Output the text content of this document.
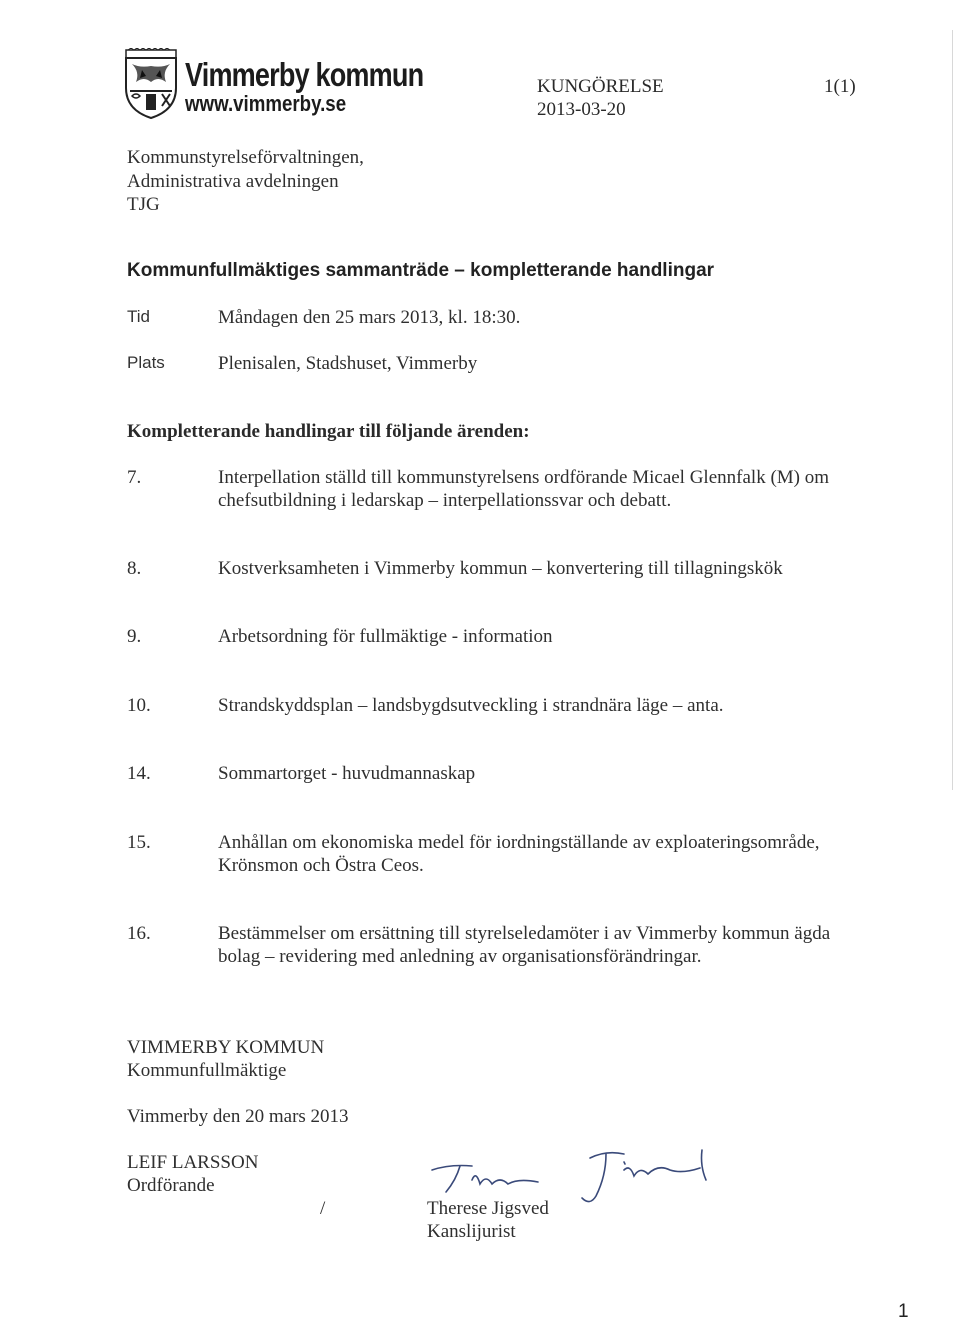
Vimmerby kommun
www.vimmerby.se
KUNGÖRELSE
2013-03-20
1(1)
Kommunstyrelseförvaltningen,
Administrativa avdelningen
TJG
Kommunfullmäktiges sammanträde – kompletterande handlingar
Tid	Måndagen den 25 mars 2013, kl. 18:30.
Plats	Plenisalen, Stadshuset, Vimmerby
Kompletterande handlingar till följande ärenden:
7.	Interpellation ställd till kommunstyrelsens ordförande Micael Glennfalk (M) om chefsutbildning i ledarskap – interpellationssvar och debatt.
8.	Kostverksamheten i Vimmerby kommun – konvertering till tillagningskök
9.	Arbetsordning för fullmäktige - information
10.	Strandskyddsplan – landsbygdsutveckling i strandnära läge – anta.
14.	Sommartorget - huvudmannaskap
15.	Anhållan om ekonomiska medel för iordningställande av exploateringsområde, Krönsmon och Östra Ceos.
16.	Bestämmelser om ersättning till styrelseledamöter i av Vimmerby kommun ägda bolag – revidering med anledning av organisationsförändringar.
VIMMERBY KOMMUN
Kommunfullmäktige
Vimmerby den 20 mars 2013
LEIF LARSSON
Ordförande
/	Therese Jigsved
Kanslijurist
1
